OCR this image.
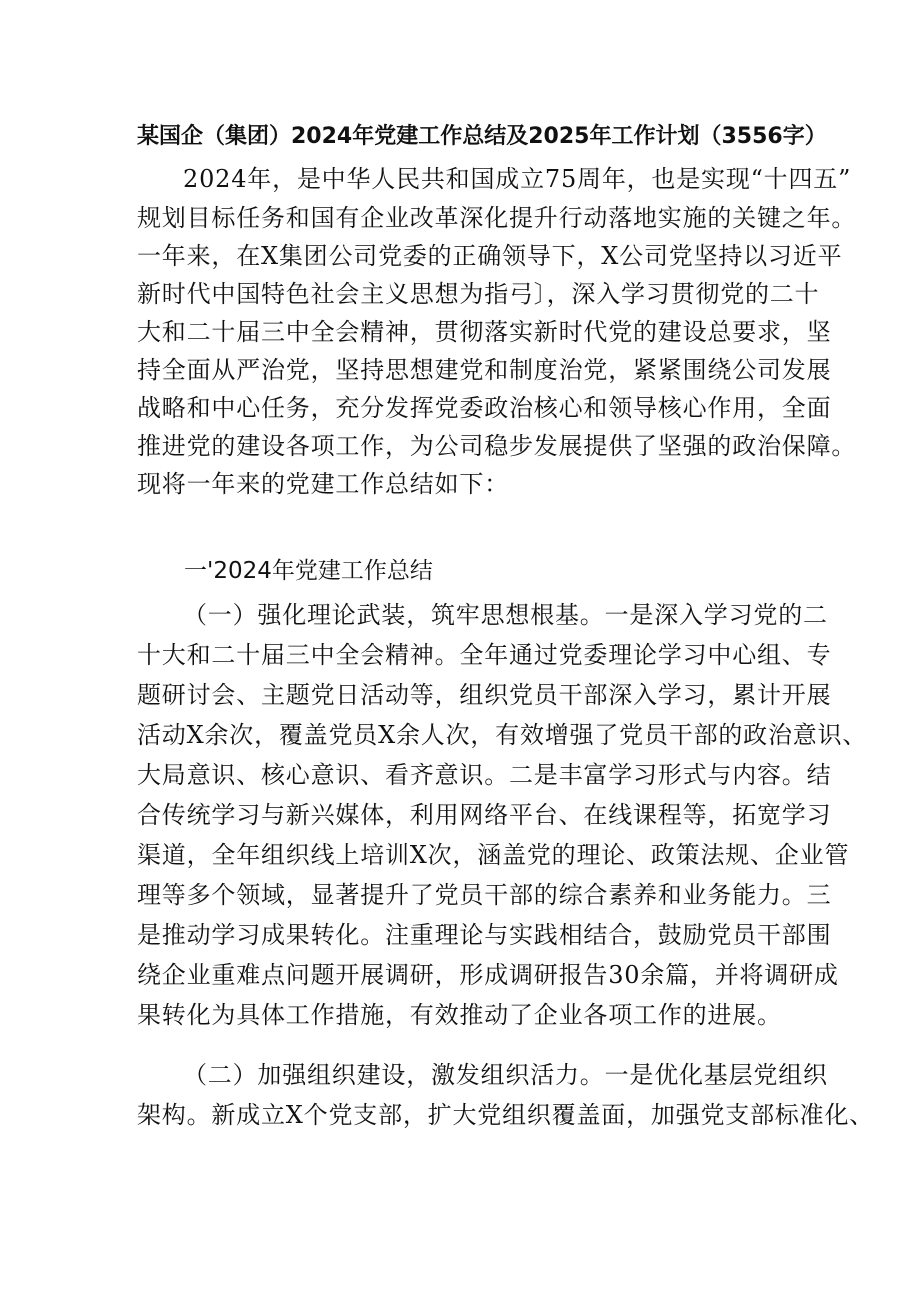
某国企（集团）2024年党建工作总结及2025年工作计划（3556字）
2024年，是中华人民共和国成立75周年，也是实现“十四五”
规划目标任务和国有企业改革深化提升行动落地实施的关键之年。
一年来，在X集团公司党委的正确领导下，X公司党坚持以习近平
新时代中国特色社会主义思想为指弓〕，深入学习贯彻党的二十
大和二十届三中全会精神，贯彻落实新时代党的建设总要求，坚
持全面从严治党，坚持思想建党和制度治党，紧紧围绕公司发展
战略和中心任务，充分发挥党委政治核心和领导核心作用，全面
推进党的建设各项工作，为公司稳步发展提供了坚强的政治保障。
现将一年来的党建工作总结如下：
一'2024年党建工作总结
（一）强化理论武装，筑牢思想根基。一是深入学习党的二
十大和二十届三中全会精神。全年通过党委理论学习中心组、专
题研讨会、主题党日活动等，组织党员干部深入学习，累计开展
活动X余次，覆盖党员X余人次，有效增强了党员干部的政治意识、
大局意识、核心意识、看齐意识。二是丰富学习形式与内容。结
合传统学习与新兴媒体，利用网络平台、在线课程等，拓宽学习
渠道，全年组织线上培训X次，涵盖党的理论、政策法规、企业管
理等多个领域，显著提升了党员干部的综合素养和业务能力。三
是推动学习成果转化。注重理论与实践相结合，鼓励党员干部围
绕企业重难点问题开展调研，形成调研报告30余篇，并将调研成
果转化为具体工作措施，有效推动了企业各项工作的进展。
（二）加强组织建设，激发组织活力。一是优化基层党组织
架构。新成立X个党支部，扩大党组织覆盖面，加强党支部标准化、
